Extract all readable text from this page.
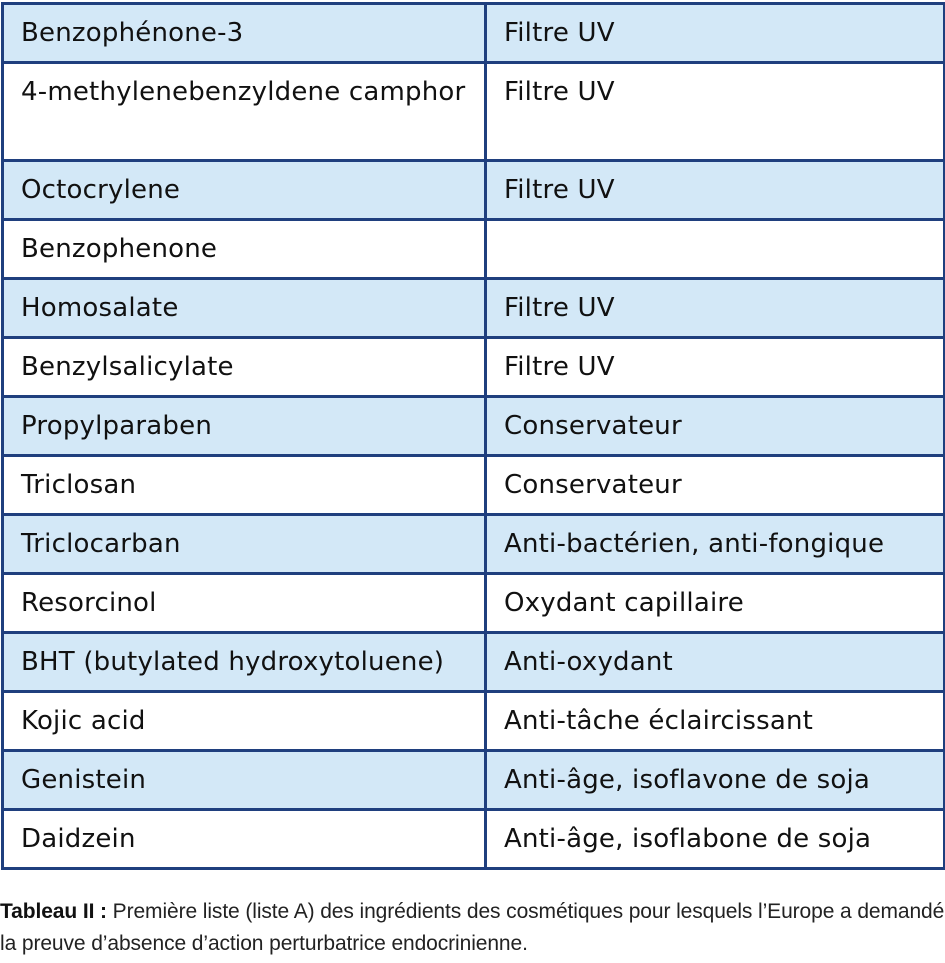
Benzophénone-3	Filtre UV

4-methylenebenzyldene camphor	Filtre UV

Octocrylene	Filtre UV

Benzophenone	

Homosalate	Filtre UV

Benzylsalicylate	Filtre UV

Propylparaben	Conservateur

Triclosan	Conservateur

Triclocarban	Anti-bactérien, anti-fongique

Resorcinol	Oxydant capillaire

BHT (butylated hydroxytoluene)	Anti-oxydant

Kojic acid	Anti-tâche éclaircissant

Genistein	Anti-âge, isoflavone de soja

Daidzein	Anti-âge, isoflabone de soja
Tableau II : Première liste (liste A) des ingrédients des cosmétiques pour lesquels l’Europe a demandé la preuve d’absence d’action perturbatrice endocrinienne.
